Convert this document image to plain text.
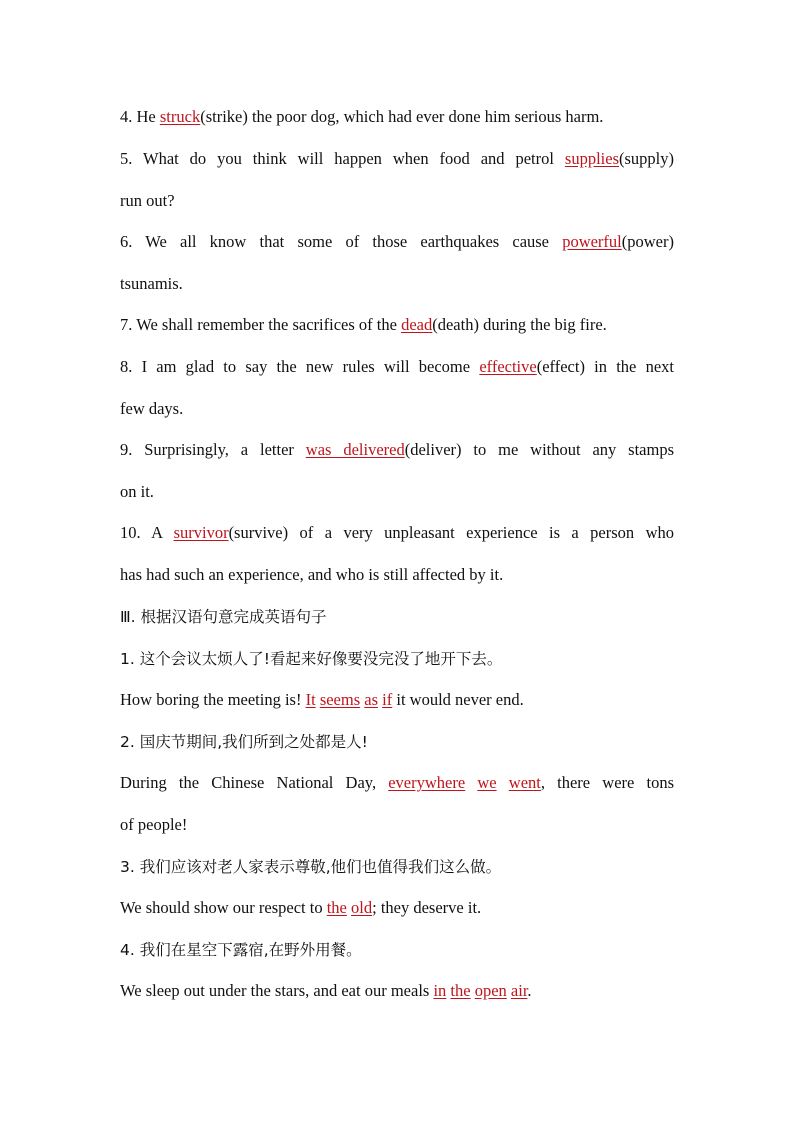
4. He struck(strike) the poor dog, which had ever done him serious harm.
5. What do you think will happen when food and petrol supplies(supply)
run out?
6. We all know that some of those earthquakes cause powerful(power)
tsunamis.
7. We shall remember the sacrifices of the dead(death) during the big fire.
8. I am glad to say the new rules will become effective(effect) in the next
few days.
9. Surprisingly, a letter was delivered(deliver) to me without any stamps
on it.
10. A survivor(survive) of a very unpleasant experience is a person who
has had such an experience, and who is still affected by it.
Ⅲ. 根据汉语句意完成英语句子
1. 这个会议太烦人了!看起来好像要没完没了地开下去。
How boring the meeting is! It seems as if it would never end.
2. 国庆节期间,我们所到之处都是人!
During the Chinese National Day, everywhere we went, there were tons
of people!
3. 我们应该对老人家表示尊敬,他们也值得我们这么做。
We should show our respect to the old; they deserve it.
4. 我们在星空下露宿,在野外用餐。
We sleep out under the stars, and eat our meals in the open air.
